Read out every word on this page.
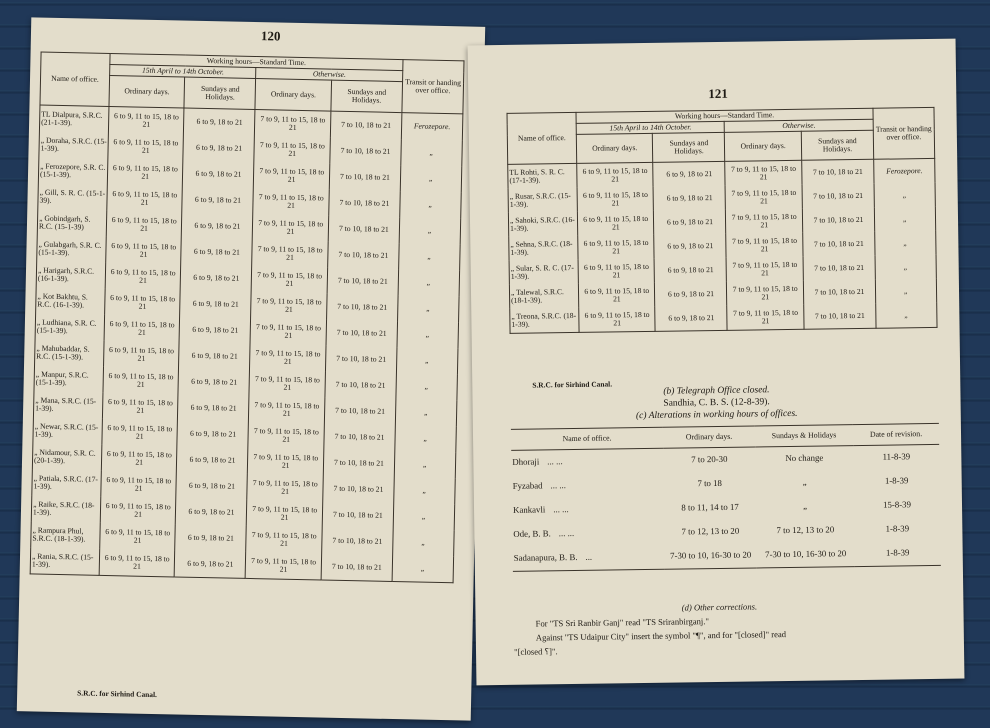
120
Name of office.	Working hours—Standard Time.				Transit or handing over office.
	15th April to 14th October.		Otherwise.		
	Ordinary days.	Sundays and Holidays.	Ordinary days.	Sundays and Holidays.	
TL Dialpura, S.R.C. (21-1-39).	6 to 9, 11 to 15, 18 to 21	6 to 9, 18 to 21	7 to 9, 11 to 15, 18 to 21	7 to 10, 18 to 21	Ferozepore.
„ Doraha, S.R.C. (15-1-39).	6 to 9, 11 to 15, 18 to 21	6 to 9, 18 to 21	7 to 9, 11 to 15, 18 to 21	7 to 10, 18 to 21	„
„ Ferozepore, S.R. C. (15-1-39).	6 to 9, 11 to 15, 18 to 21	6 to 9, 18 to 21	7 to 9, 11 to 15, 18 to 21	7 to 10, 18 to 21	„
„ Gill, S. R. C. (15-1-39).	6 to 9, 11 to 15, 18 to 21	6 to 9, 18 to 21	7 to 9, 11 to 15, 18 to 21	7 to 10, 18 to 21	„
„ Gobindgarh, S. R.C. (15-1-39)	6 to 9, 11 to 15, 18 to 21	6 to 9, 18 to 21	7 to 9, 11 to 15, 18 to 21	7 to 10, 18 to 21	„
„ Gulabgarh, S.R. C. (15-1-39).	6 to 9, 11 to 15, 18 to 21	6 to 9, 18 to 21	7 to 9, 11 to 15, 18 to 21	7 to 10, 18 to 21	„
„ Harigarh, S.R.C. (16-1-39).	6 to 9, 11 to 15, 18 to 21	6 to 9, 18 to 21	7 to 9, 11 to 15, 18 to 21	7 to 10, 18 to 21	„
„ Kot Bakhtu, S. R.C. (16-1-39).	6 to 9, 11 to 15, 18 to 21	6 to 9, 18 to 21	7 to 9, 11 to 15, 18 to 21	7 to 10, 18 to 21	„
„ Ludhiana, S.R. C. (15-1-39).	6 to 9, 11 to 15, 18 to 21	6 to 9, 18 to 21	7 to 9, 11 to 15, 18 to 21	7 to 10, 18 to 21	„
„ Mahubaddar, S. R.C. (15-1-39).	6 to 9, 11 to 15, 18 to 21	6 to 9, 18 to 21	7 to 9, 11 to 15, 18 to 21	7 to 10, 18 to 21	„
„ Manpur, S.R.C. (15-1-39).	6 to 9, 11 to 15, 18 to 21	6 to 9, 18 to 21	7 to 9, 11 to 15, 18 to 21	7 to 10, 18 to 21	„
„ Mana, S.R.C. (15-1-39).	6 to 9, 11 to 15, 18 to 21	6 to 9, 18 to 21	7 to 9, 11 to 15, 18 to 21	7 to 10, 18 to 21	„
„ Newar, S.R.C. (15-1-39).	6 to 9, 11 to 15, 18 to 21	6 to 9, 18 to 21	7 to 9, 11 to 15, 18 to 21	7 to 10, 18 to 21	„
„ Nidamour, S.R. C. (20-1-39).	6 to 9, 11 to 15, 18 to 21	6 to 9, 18 to 21	7 to 9, 11 to 15, 18 to 21	7 to 10, 18 to 21	„
„ Patiala, S.R.C. (17-1-39).	6 to 9, 11 to 15, 18 to 21	6 to 9, 18 to 21	7 to 9, 11 to 15, 18 to 21	7 to 10, 18 to 21	„
„ Raike, S.R.C. (18-1-39).	6 to 9, 11 to 15, 18 to 21	6 to 9, 18 to 21	7 to 9, 11 to 15, 18 to 21	7 to 10, 18 to 21	„
„ Rampura Phul, S.R.C. (18-1-39).	6 to 9, 11 to 15, 18 to 21	6 to 9, 18 to 21	7 to 9, 11 to 15, 18 to 21	7 to 10, 18 to 21	„
„ Rania, S.R.C. (15-1-39).	6 to 9, 11 to 15, 18 to 21	6 to 9, 18 to 21	7 to 9, 11 to 15, 18 to 21	7 to 10, 18 to 21	„
S.R.C. for Sirhind Canal.
121
Name of office.	Working hours—Standard Time.				Transit or handing over office.
	15th April to 14th October.		Otherwise.		
	Ordinary days.	Sundays and Holidays.	Ordinary days.	Sundays and Holidays.	
TL Rohti, S. R. C. (17-1-39).	6 to 9, 11 to 15, 18 to 21	6 to 9, 18 to 21	7 to 9, 11 to 15, 18 to 21	7 to 10, 18 to 21	Ferozepore.
„ Rusar, S.R.C. (15-1-39).	6 to 9, 11 to 15, 18 to 21	6 to 9, 18 to 21	7 to 9, 11 to 15, 18 to 21	7 to 10, 18 to 21	„
„ Sahoki, S.R.C. (16-1-39).	6 to 9, 11 to 15, 18 to 21	6 to 9, 18 to 21	7 to 9, 11 to 15, 18 to 21	7 to 10, 18 to 21	„
„ Sehna, S.R.C. (18-1-39).	6 to 9, 11 to 15, 18 to 21	6 to 9, 18 to 21	7 to 9, 11 to 15, 18 to 21	7 to 10, 18 to 21	„
„ Sular, S. R. C. (17-1-39).	6 to 9, 11 to 15, 18 to 21	6 to 9, 18 to 21	7 to 9, 11 to 15, 18 to 21	7 to 10, 18 to 21	„
„ Talewal, S.R.C. (18-1-39).	6 to 9, 11 to 15, 18 to 21	6 to 9, 18 to 21	7 to 9, 11 to 15, 18 to 21	7 to 10, 18 to 21	„
„ Treona, S.R.C. (18-1-39).	6 to 9, 11 to 15, 18 to 21	6 to 9, 18 to 21	7 to 9, 11 to 15, 18 to 21	7 to 10, 18 to 21	„
S.R.C. for Sirhind Canal.
(b) Telegraph Office closed.
Sandhia, C. B. S. (12-8-39).
(c) Alterations in working hours of offices.
Name of office.	Ordinary days.	Sundays & Holidays	Date of revision.
Dhoraji ... ...	7 to 20-30	No change	11-8-39
Fyzabad ... ...	7 to 18	„	1-8-39
Kankavli ... ...	8 to 11, 14 to 17	„	15-8-39
Ode, B. B. ... ...	7 to 12, 13 to 20	7 to 12, 13 to 20	1-8-39
Sadanapura, B. B. ...	7-30 to 10, 16-30 to 20	7-30 to 10, 16-30 to 20	1-8-39
(d) Other corrections.
For "TS Sri Ranbir Ganj" read "TS Sriranbirganj."
Against "TS Udaipur City" insert the symbol "¶", and for "[closed]" read
"[closed ؟]".
